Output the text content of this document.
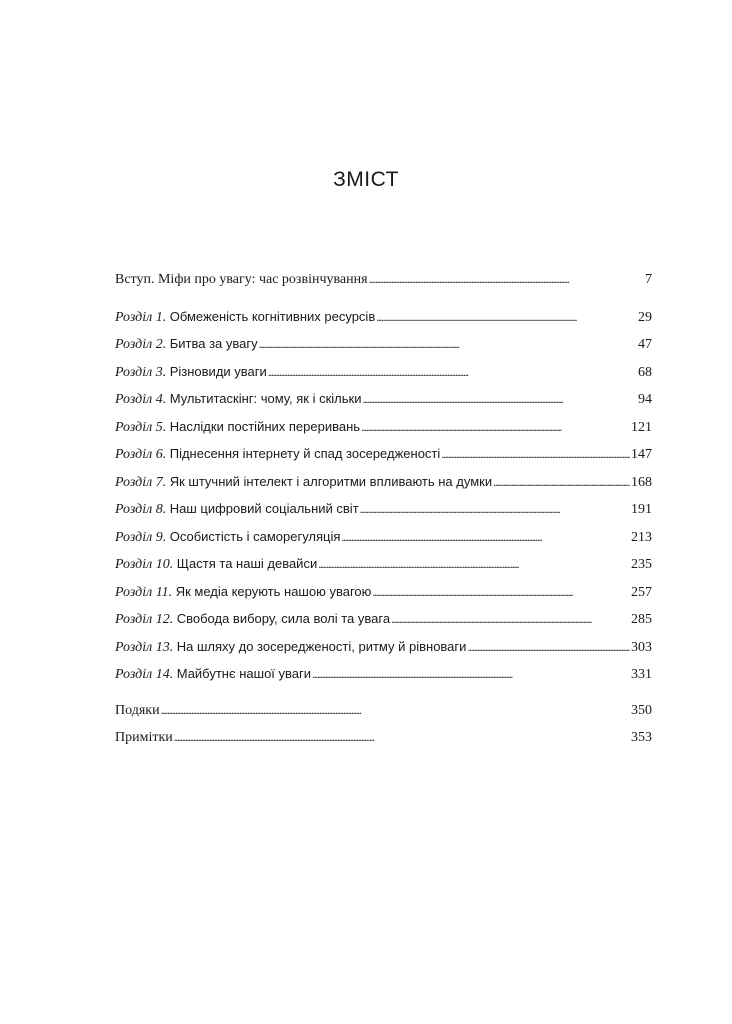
ЗМІСТ
Вступ. Міфи про увагу: час розвінчування . . .	7
Розділ 1. Обмеженість когнітивних ресурсів . . .	29
Розділ 2. Битва за увагу . . .	47
Розділ 3. Різновиди уваги . . .	68
Розділ 4. Мультитаскінг: чому, як і скільки . . .	94
Розділ 5. Наслідки постійних переривань . . .	121
Розділ 6. Піднесення інтернету й спад зосередженості . . .	147
Розділ 7. Як штучний інтелект і алгоритми впливають на думки . . .	168
Розділ 8. Наш цифровий соціальний світ . . .	191
Розділ 9. Особистість і саморегуляція . . .	213
Розділ 10. Щастя та наші девайси . . .	235
Розділ 11. Як медіа керують нашою увагою . . .	257
Розділ 12. Свобода вибору, сила волі та увага . . .	285
Розділ 13. На шляху до зосередженості, ритму й рівноваги . . .	303
Розділ 14. Майбутнє нашої уваги . . .	331
Подяки . . .	350
Примітки . . .	353
